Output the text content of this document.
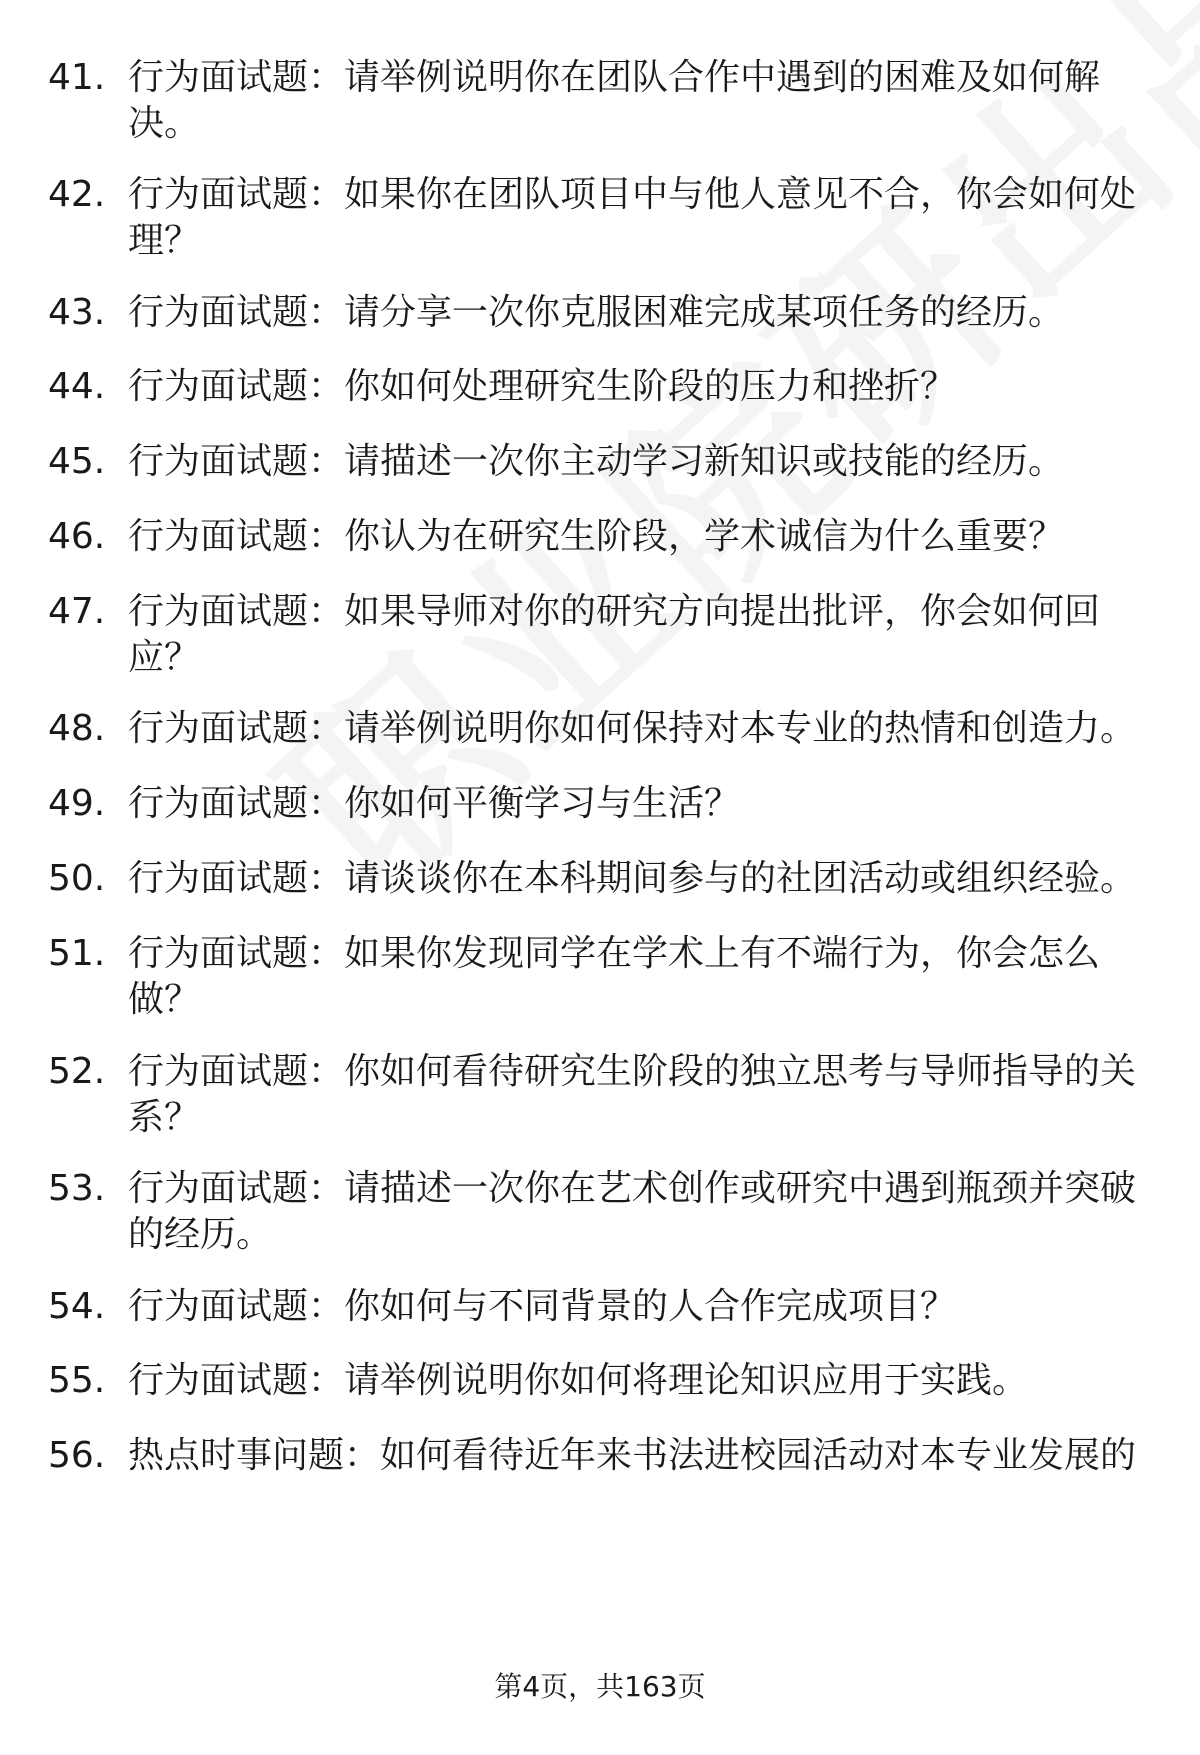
41. 行为面试题：请举例说明你在团队合作中遇到的困难及如何解
决。
42. 行为面试题：如果你在团队项目中与他人意见不合，你会如何处
理？
43. 行为面试题：请分享一次你克服困难完成某项任务的经历。
44. 行为面试题：你如何处理研究生阶段的压力和挫折？
45. 行为面试题：请描述一次你主动学习新知识或技能的经历。
46. 行为面试题：你认为在研究生阶段，学术诚信为什么重要？
47. 行为面试题：如果导师对你的研究方向提出批评，你会如何回
应？
48. 行为面试题：请举例说明你如何保持对本专业的热情和创造力。
49. 行为面试题：你如何平衡学习与生活？
50. 行为面试题：请谈谈你在本科期间参与的社团活动或组织经验。
51. 行为面试题：如果你发现同学在学术上有不端行为，你会怎么
做？
52. 行为面试题：你如何看待研究生阶段的独立思考与导师指导的关
系？
53. 行为面试题：请描述一次你在艺术创作或研究中遇到瓶颈并突破
的经历。
54. 行为面试题：你如何与不同背景的人合作完成项目？
55. 行为面试题：请举例说明你如何将理论知识应用于实践。
56. 热点时事问题：如何看待近年来书法进校园活动对本专业发展的
第4页，共163页
